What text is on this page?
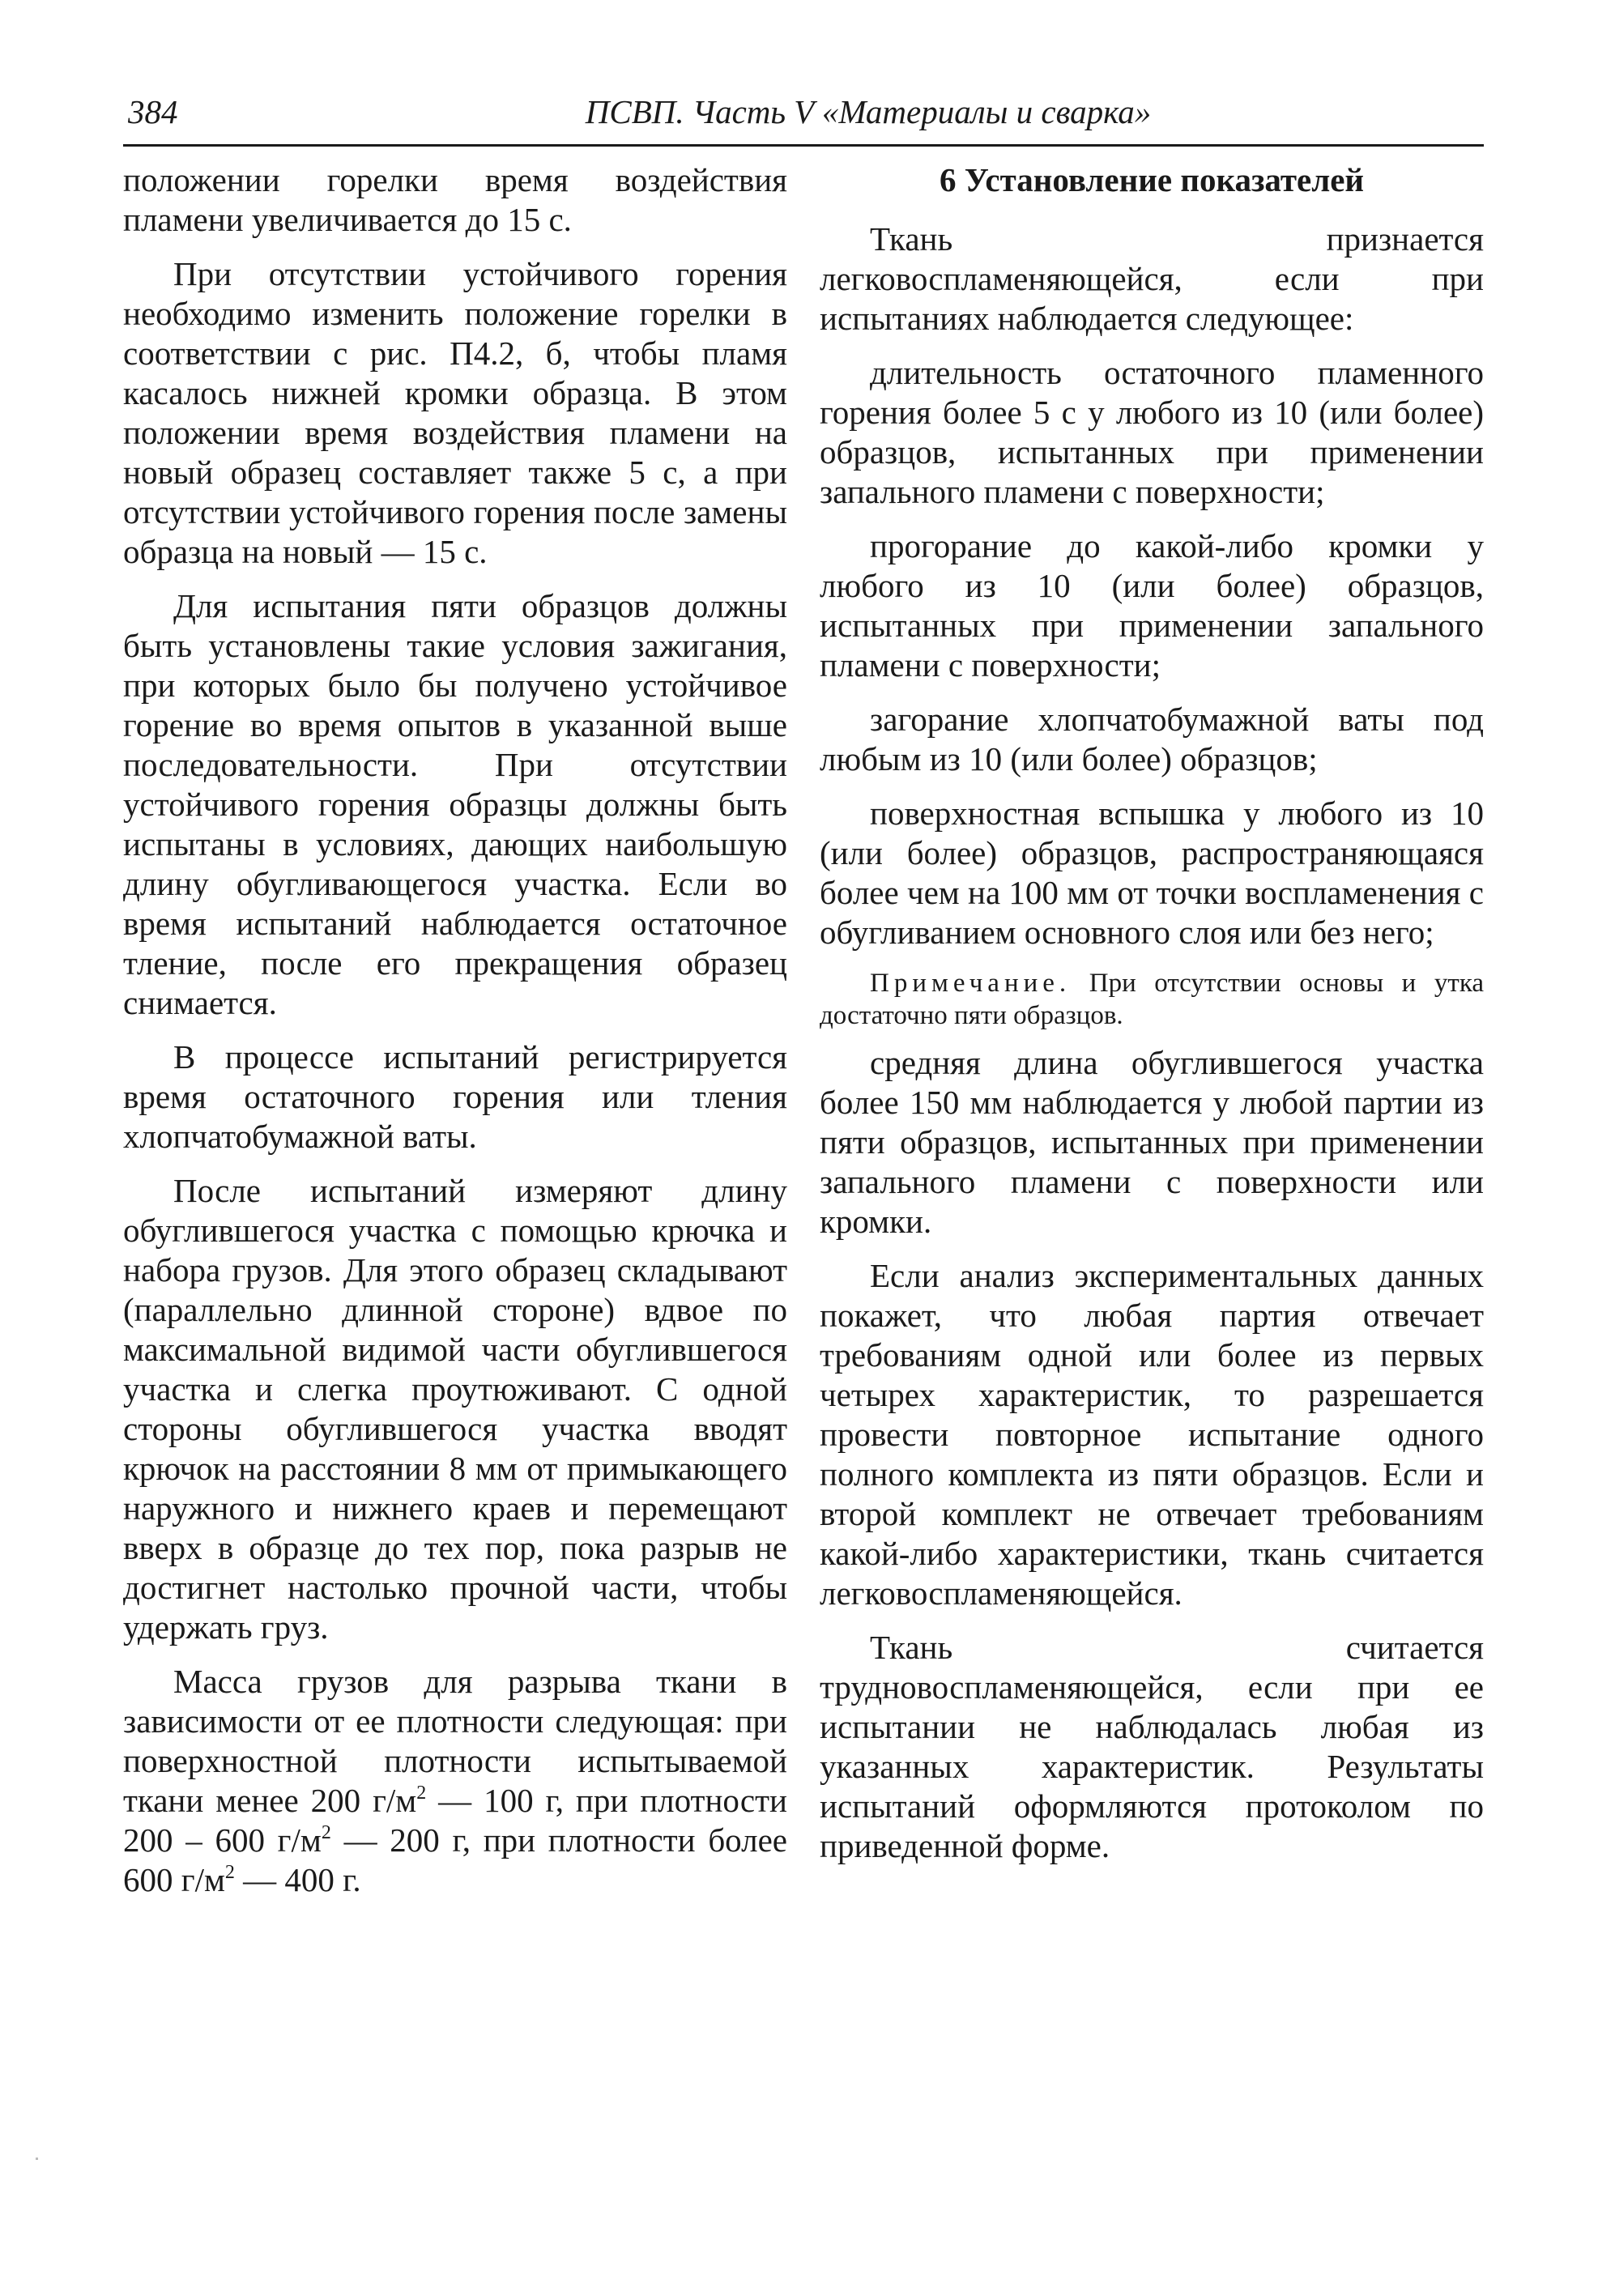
384	ПСВП. Часть V «Материалы и сварка»

положении горелки время воздействия пламени увеличивается до 15 с.

При отсутствии устойчивого горения необходимо изменить положение горелки в соответствии с рис. П4.2, б, чтобы пламя касалось нижней кромки образца. В этом положении время воздействия пламени на новый образец составляет также 5 с, а при отсутствии устойчивого горения после замены образца на новый — 15 с.

Для испытания пяти образцов должны быть установлены такие условия зажигания, при которых было бы получено устойчивое горение во время опытов в указанной выше последовательности. При отсутствии устойчивого горения образцы должны быть испытаны в условиях, дающих наибольшую длину обугливающегося участка. Если во время испытаний наблюдается остаточное тление, после его прекращения образец снимается.

В процессе испытаний регистрируется время остаточного горения или тления хлопчатобумажной ваты.

После испытаний измеряют длину обуглившегося участка с помощью крючка и набора грузов. Для этого образец складывают (параллельно длинной стороне) вдвое по максимальной видимой части обуглившегося участка и слегка проутюживают. С одной стороны обуглившегося участка вводят крючок на расстоянии 8 мм от примыкающего наружного и нижнего краев и перемещают вверх в образце до тех пор, пока разрыв не достигнет настолько прочной части, чтобы удержать груз.

Масса грузов для разрыва ткани в зависимости от ее плотности следующая: при поверхностной плотности испытываемой ткани менее 200 $г/м^2$ — 100 г, при плотности 200 – 600 $г/м^2$ — 200 г, при плотности более 600 $г/м^2$ — 400 г.

6 Установление показателей

Ткань признается легковоспламеняющейся, если при испытаниях наблюдается следующее:

длительность остаточного пламенного горения более 5 с у любого из 10 (или более) образцов, испытанных при применении запального пламени с поверхности;

прогорание до какой-либо кромки у любого из 10 (или более) образцов, испытанных при применении запального пламени с поверхности;

загорание хлопчатобумажной ваты под любым из 10 (или более) образцов;

поверхностная вспышка у любого из 10 (или более) образцов, распространяющаяся более чем на 100 мм от точки воспламенения с обугливанием основного слоя или без него;

Примечание. При отсутствии основы и утка достаточно пяти образцов.

средняя длина обуглившегося участка более 150 мм наблюдается у любой партии из пяти образцов, испытанных при применении запального пламени с поверхности или кромки.

Если анализ экспериментальных данных покажет, что любая партия отвечает требованиям одной или более из первых четырех характеристик, то разрешается провести повторное испытание одного полного комплекта из пяти образцов. Если и второй комплект не отвечает требованиям какой-либо характеристики, ткань считается легковоспламеняющейся.

Ткань считается трудновоспламеняющейся, если при ее испытании не наблюдалась любая из указанных характеристик. Результаты испытаний оформляются протоколом по приведенной форме.
